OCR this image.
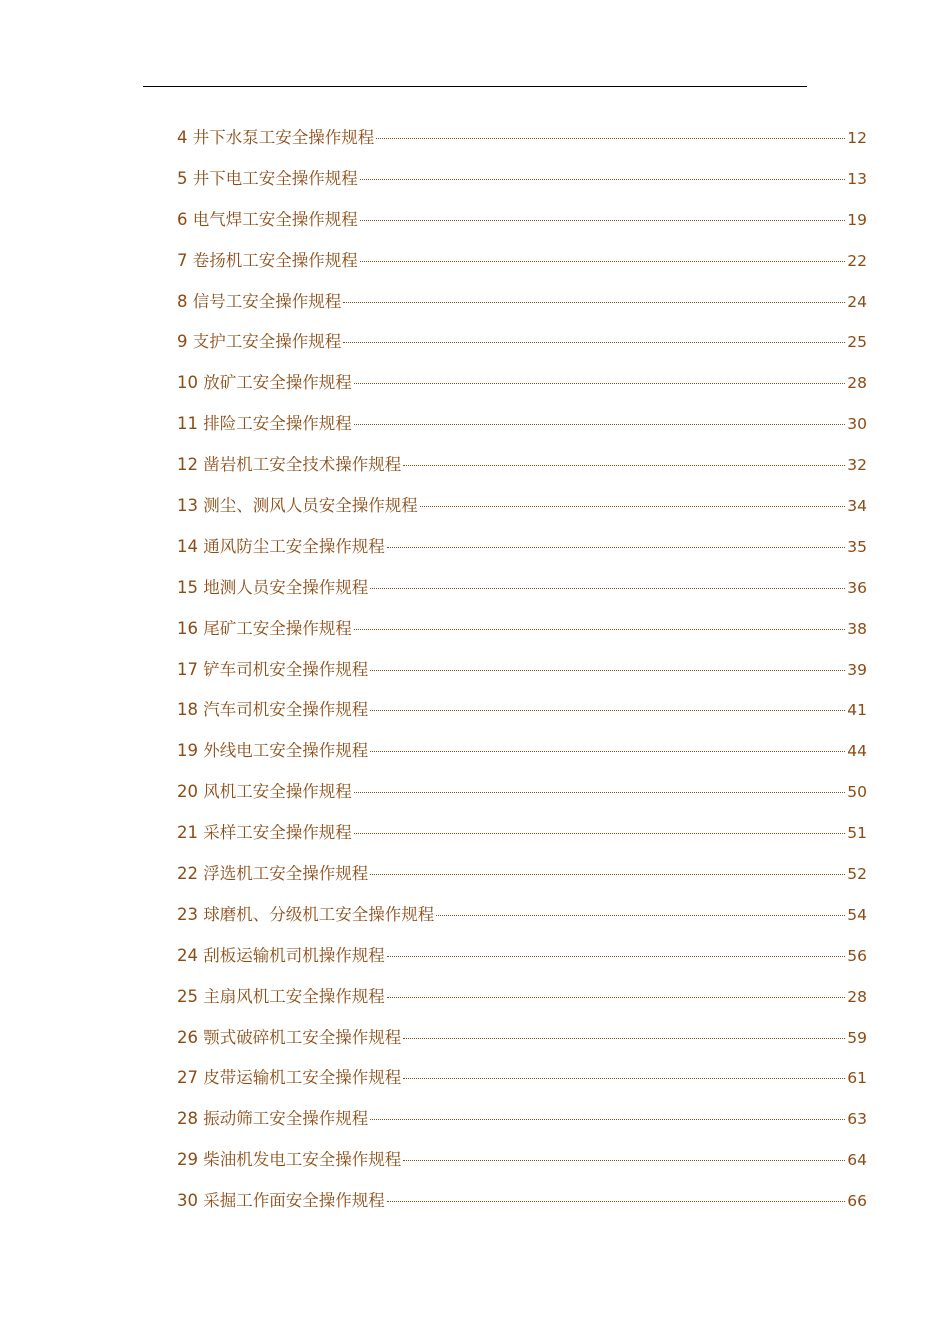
4 井下水泵工安全操作规程	12
5 井下电工安全操作规程	13
6 电气焊工安全操作规程	19
7 卷扬机工安全操作规程	22
8 信号工安全操作规程	24
9 支护工安全操作规程	25
10 放矿工安全操作规程	28
11 排险工安全操作规程	30
12 凿岩机工安全技术操作规程	32
13 测尘、测风人员安全操作规程	34
14 通风防尘工安全操作规程	35
15 地测人员安全操作规程	36
16 尾矿工安全操作规程	38
17 铲车司机安全操作规程	39
18 汽车司机安全操作规程	41
19 外线电工安全操作规程	44
20 风机工安全操作规程	50
21 采样工安全操作规程	51
22 浮选机工安全操作规程	52
23 球磨机、分级机工安全操作规程	54
24 刮板运输机司机操作规程	56
25 主扇风机工安全操作规程	28
26 颚式破碎机工安全操作规程	59
27 皮带运输机工安全操作规程	61
28 振动筛工安全操作规程	63
29 柴油机发电工安全操作规程	64
30 采掘工作面安全操作规程	66
